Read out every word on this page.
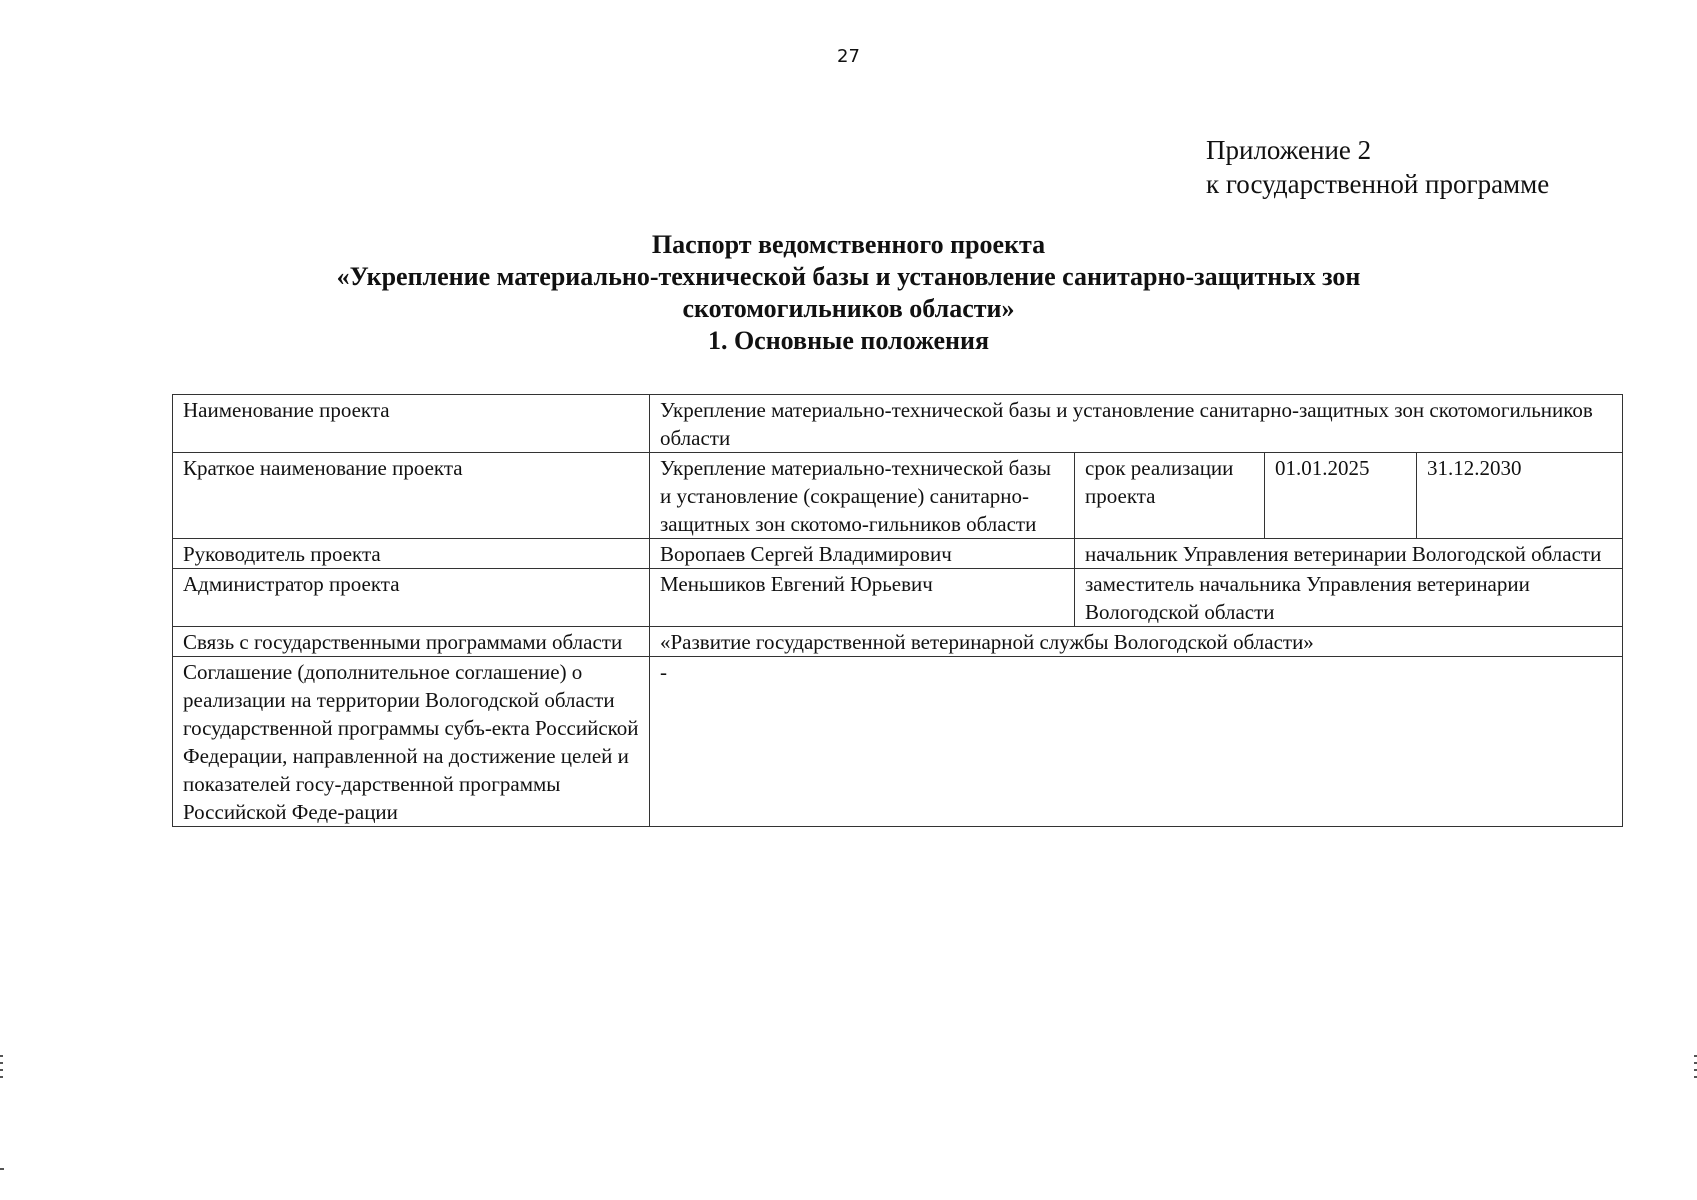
27
Приложение 2
к государственной программе
Паспорт ведомственного проекта
«Укрепление материально-технической базы и установление санитарно-защитных зон
скотомогильников области»
1. Основные положения
Наименование проекта	Укрепление материально-технической базы и установление санитарно-защитных зон скотомогильников области			
Краткое наименование проекта	Укрепление материально-технической базы и установление (сокращение) санитарно-защитных зон скотомо-гильников области	срок реализации проекта	01.01.2025	31.12.2030
Руководитель проекта	Воропаев Сергей Владимирович	начальник Управления ветеринарии Вологодской области		
Администратор проекта	Меньшиков Евгений Юрьевич	заместитель начальника Управления ветеринарии Вологодской области		
Связь с государственными программами области	«Развитие государственной ветеринарной службы Вологодской области»			
Соглашение (дополнительное соглашение) о реализации на территории Вологодской области государственной программы субъ-екта Российской Федерации, направленной на достижение целей и показателей госу-дарственной программы Российской Феде-рации	-			
